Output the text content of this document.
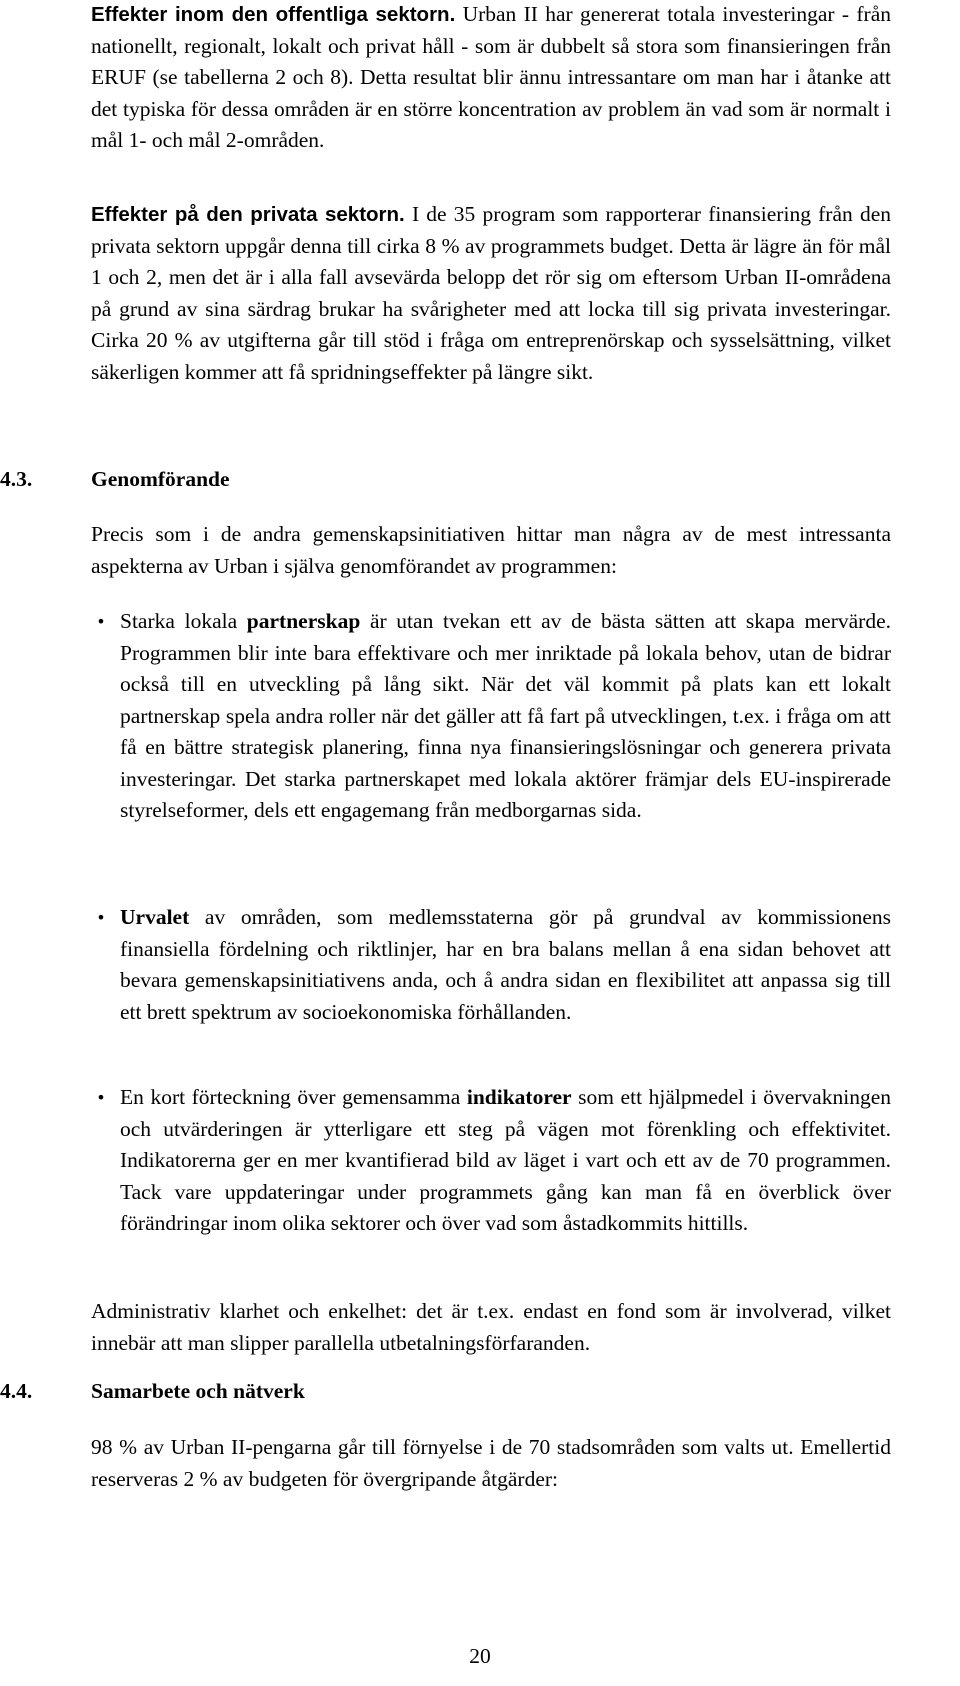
Effekter inom den offentliga sektorn. Urban II har genererat totala investeringar - från nationellt, regionalt, lokalt och privat håll - som är dubbelt så stora som finansieringen från ERUF (se tabellerna 2 och 8). Detta resultat blir ännu intressantare om man har i åtanke att det typiska för dessa områden är en större koncentration av problem än vad som är normalt i mål 1- och mål 2-områden.

Effekter på den privata sektorn. I de 35 program som rapporterar finansiering från den privata sektorn uppgår denna till cirka 8 % av programmets budget. Detta är lägre än för mål 1 och 2, men det är i alla fall avsevärda belopp det rör sig om eftersom Urban II-områdena på grund av sina särdrag brukar ha svårigheter med att locka till sig privata investeringar. Cirka 20 % av utgifterna går till stöd i fråga om entreprenörskap och sysselsättning, vilket säkerligen kommer att få spridningseffekter på längre sikt.

4.3.	Genomförande

Precis som i de andra gemenskapsinitiativen hittar man några av de mest intressanta aspekterna av Urban i själva genomförandet av programmen:

• Starka lokala partnerskap är utan tvekan ett av de bästa sätten att skapa mervärde. Programmen blir inte bara effektivare och mer inriktade på lokala behov, utan de bidrar också till en utveckling på lång sikt. När det väl kommit på plats kan ett lokalt partnerskap spela andra roller när det gäller att få fart på utvecklingen, t.ex. i fråga om att få en bättre strategisk planering, finna nya finansieringslösningar och generera privata investeringar. Det starka partnerskapet med lokala aktörer främjar dels EU-inspirerade styrelseformer, dels ett engagemang från medborgarnas sida.

• Urvalet av områden, som medlemsstaterna gör på grundval av kommissionens finansiella fördelning och riktlinjer, har en bra balans mellan å ena sidan behovet att bevara gemenskapsinitiativens anda, och å andra sidan en flexibilitet att anpassa sig till ett brett spektrum av socioekonomiska förhållanden.

• En kort förteckning över gemensamma indikatorer som ett hjälpmedel i övervakningen och utvärderingen är ytterligare ett steg på vägen mot förenkling och effektivitet. Indikatorerna ger en mer kvantifierad bild av läget i vart och ett av de 70 programmen. Tack vare uppdateringar under programmets gång kan man få en överblick över förändringar inom olika sektorer och över vad som åstadkommits hittills.

Administrativ klarhet och enkelhet: det är t.ex. endast en fond som är involverad, vilket innebär att man slipper parallella utbetalningsförfaranden.

4.4.	Samarbete och nätverk

98 % av Urban II-pengarna går till förnyelse i de 70 stadsområden som valts ut. Emellertid reserveras 2 % av budgeten för övergripande åtgärder:

20
